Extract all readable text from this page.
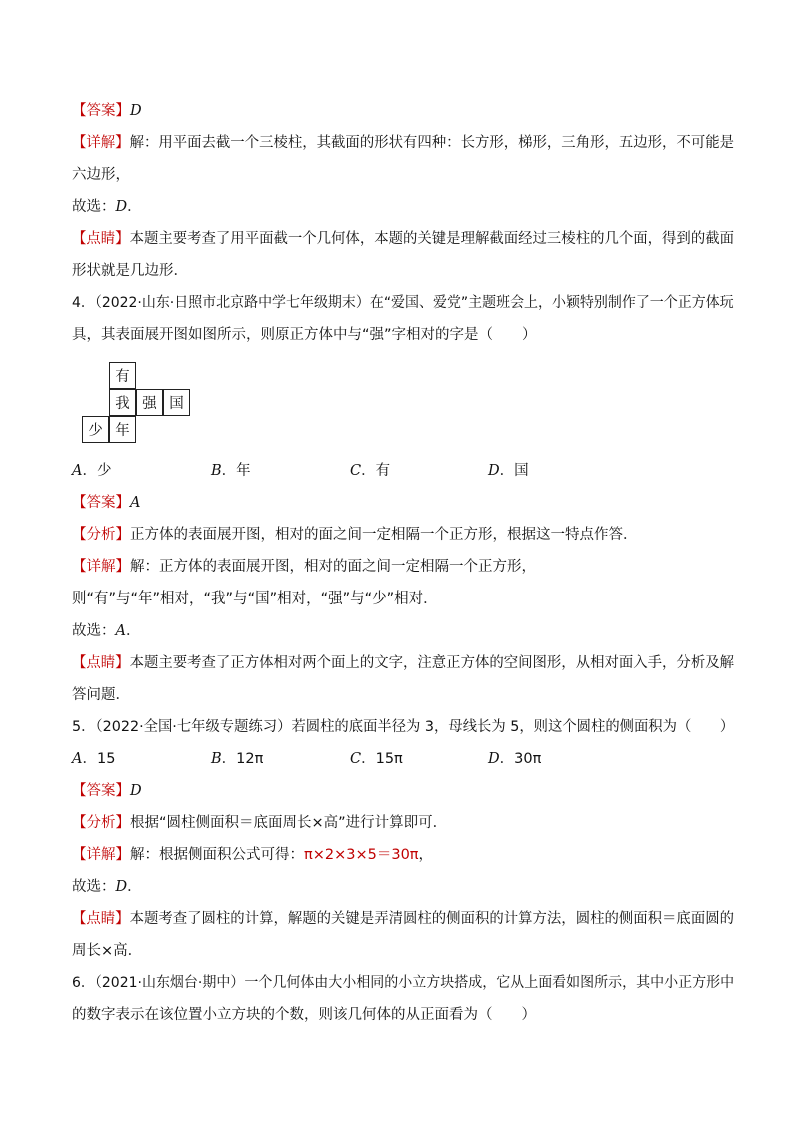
【答案】D

【详解】解：用平面去截一个三棱柱，其截面的形状有四种：长方形，梯形，三角形，五边形，不可能是

六边形，

故选：D．

【点睛】本题主要考查了用平面截一个几何体，本题的关键是理解截面经过三棱柱的几个面，得到的截面

形状就是几边形．

4．（2022·山东·日照市北京路中学七年级期末）在“爱国、爱党”主题班会上，小颖特别制作了一个正方体玩

具，其表面展开图如图所示，则原正方体中与“强”字相对的字是（　　）

有
我 强 国
少 年
A．少	B．年	C．有	D．国

【答案】A

【分析】正方体的表面展开图，相对的面之间一定相隔一个正方形，根据这一特点作答．

【详解】解：正方体的表面展开图，相对的面之间一定相隔一个正方形，

则“有”与“年”相对，“我”与“国”相对，“强”与“少”相对．

故选：A．

【点睛】本题主要考查了正方体相对两个面上的文字，注意正方体的空间图形，从相对面入手，分析及解

答问题．

5．（2022·全国·七年级专题练习）若圆柱的底面半径为 3，母线长为 5，则这个圆柱的侧面积为（　　）

A．15	B．12π	C．15π	D．30π

【答案】D

【分析】根据“圆柱侧面积＝底面周长×高”进行计算即可．

【详解】解：根据侧面积公式可得：π×2×3×5＝30π，

故选：D．

【点睛】本题考查了圆柱的计算，解题的关键是弄清圆柱的侧面积的计算方法，圆柱的侧面积＝底面圆的

周长×高．

6．（2021·山东烟台·期中）一个几何体由大小相同的小立方块搭成，它从上面看如图所示，其中小正方形中

的数字表示在该位置小立方块的个数，则该几何体的从正面看为（　　）
